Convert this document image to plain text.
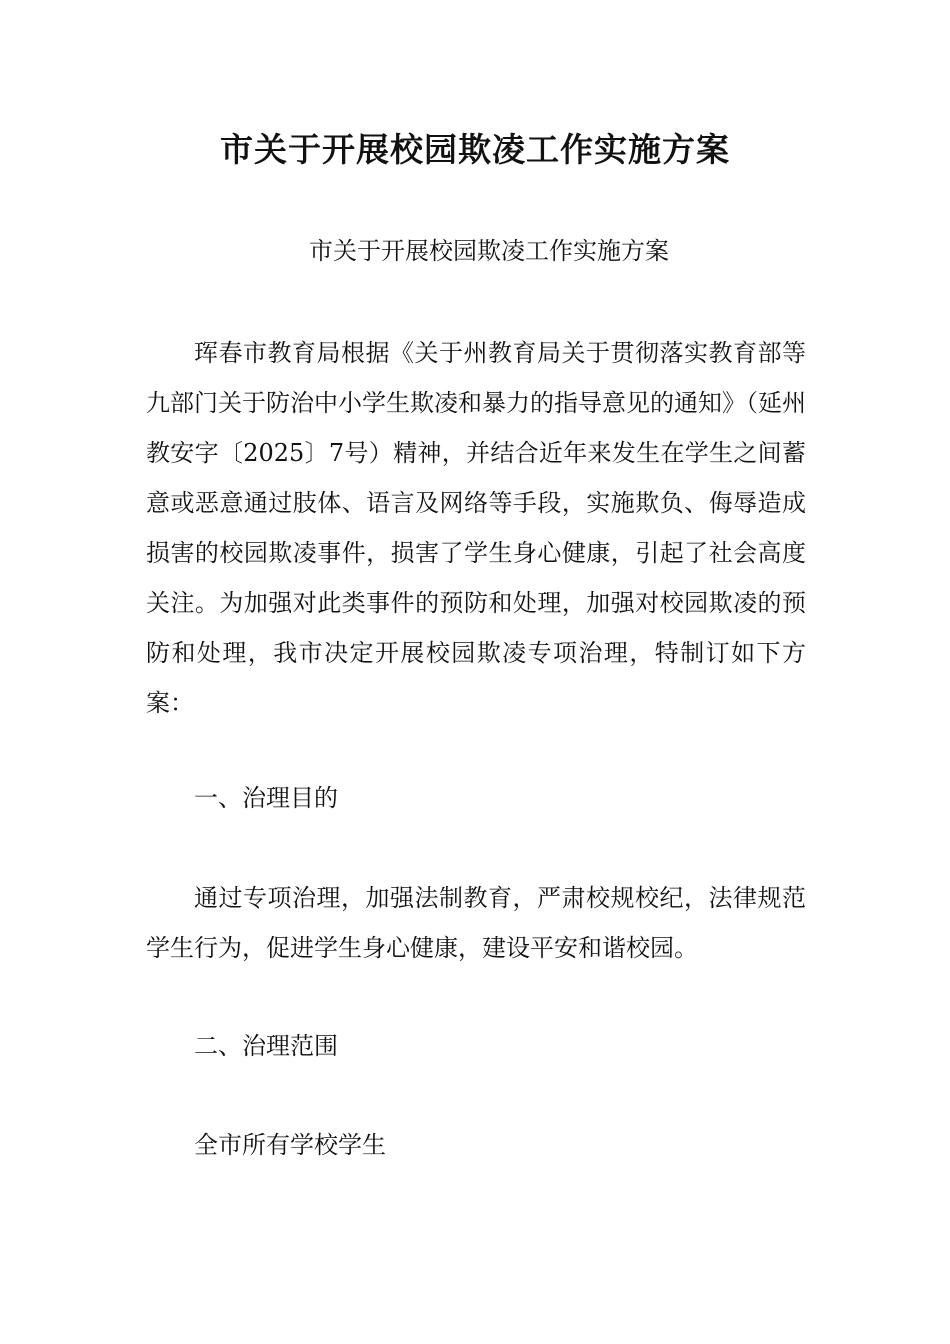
市关于开展校园欺凌工作实施方案
市关于开展校园欺凌工作实施方案

珲春市教育局根据《关于州教育局关于贯彻落实教育部等九部门关于防治中小学生欺凌和暴力的指导意见的通知》（延州教安字〔2025〕7号）精神，并结合近年来发生在学生之间蓄意或恶意通过肢体、语言及网络等手段，实施欺负、侮辱造成损害的校园欺凌事件，损害了学生身心健康，引起了社会高度关注。为加强对此类事件的预防和处理，加强对校园欺凌的预防和处理，我市决定开展校园欺凌专项治理，特制订如下方案：

一、治理目的

通过专项治理，加强法制教育，严肃校规校纪，法律规范学生行为，促进学生身心健康，建设平安和谐校园。

二、治理范围

全市所有学校学生
